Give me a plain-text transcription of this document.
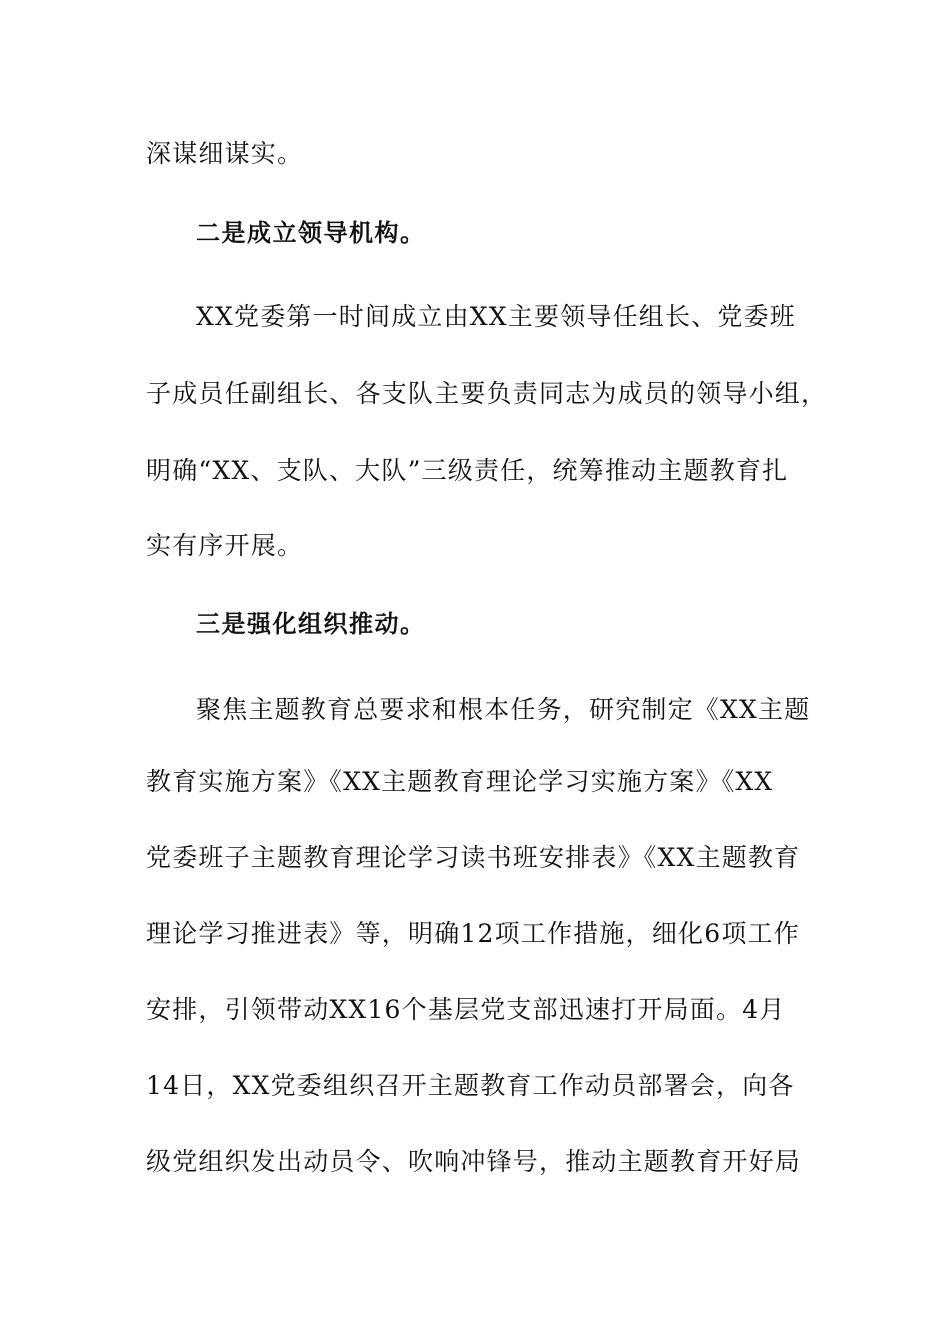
深谋细谋实。
二是成立领导机构。
XX党委第一时间成立由XX主要领导任组长、党委班
子成员任副组长、各支队主要负责同志为成员的领导小组，
明确“XX、支队、大队”三级责任，统筹推动主题教育扎
实有序开展。
三是强化组织推动。
聚焦主题教育总要求和根本任务，研究制定《XX主题
教育实施方案》《XX主题教育理论学习实施方案》《XX
党委班子主题教育理论学习读书班安排表》《XX主题教育
理论学习推进表》等，明确12项工作措施，细化6项工作
安排，引领带动XX16个基层党支部迅速打开局面。4月
14日，XX党委组织召开主题教育工作动员部署会，向各
级党组织发出动员令、吹响冲锋号，推动主题教育开好局
